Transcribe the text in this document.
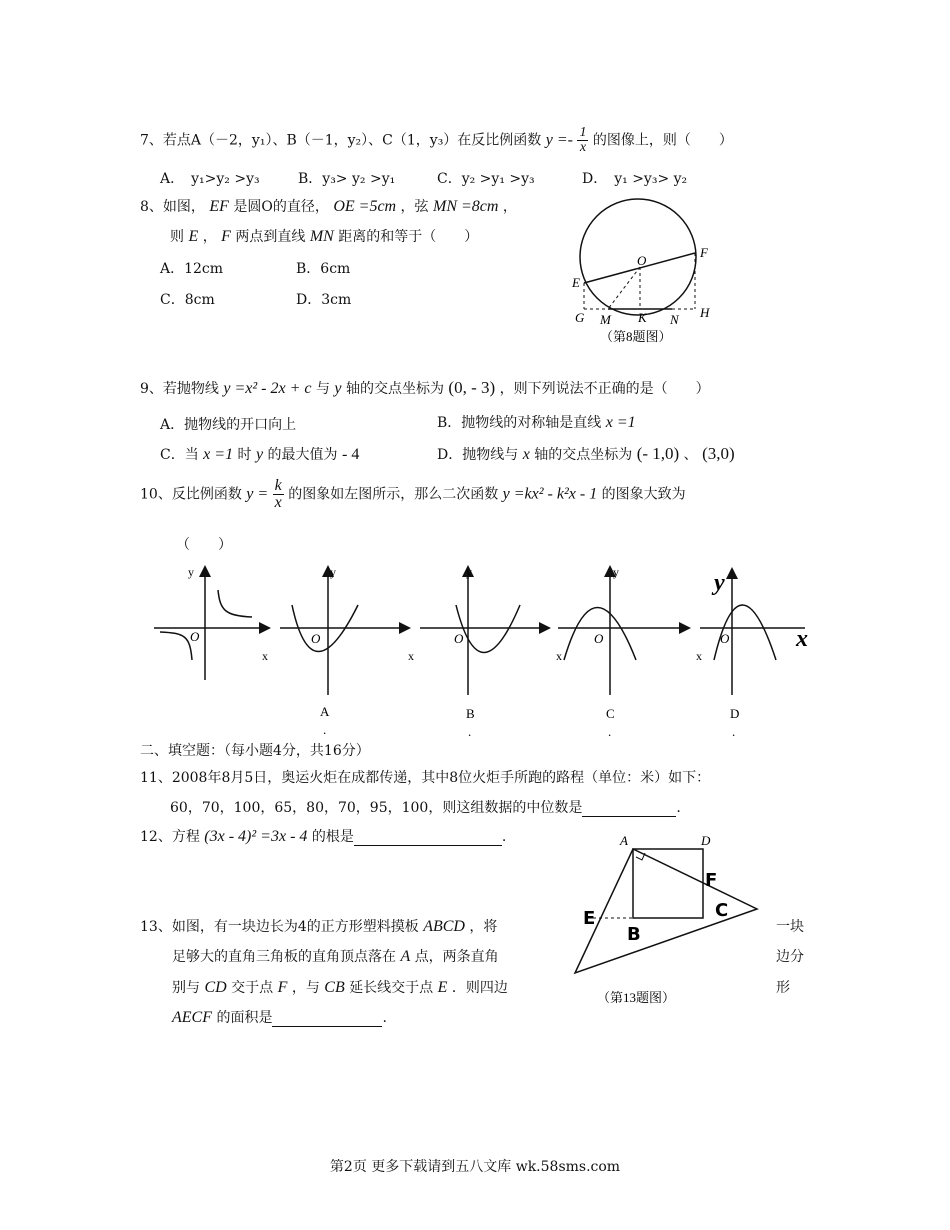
7、若点A（－2，y₁）、B（－1，y₂）、C（1，y₃）在反比例函数 $y =- \frac{1}{x}$ 的图像上，则（　　）
A．　y₁>y₂ >y₃	B．y₃> y₂ >y₁	C．y₂ >y₁ >y₃	D．　y₁ >y₃> y₂
8、如图， EF 是圆O的直径， OE =5cm ，弦 MN =8cm ，
则 E ， F 两点到直线 MN 距离的和等于（　　）
A．12cm	B．6cm
C．8cm	D．3cm
O
F
E
G M K N H
（第8题图）
9、若抛物线 y =x² - 2x + c 与 y 轴的交点坐标为 (0, - 3) ，则下列说法不正确的是（　　）
A．抛物线的开口向上	B．抛物线的对称轴是直线 x =1
C．当 x =1 时 y 的最大值为 - 4	D．抛物线与 x 轴的交点坐标为 (- 1,0) 、 (3,0)
10、反比例函数 $y = \frac{k}{x}$ 的图象如左图所示，那么二次函数 y =kx² - k²x - 1 的图象大致为
（　　）
y
O
y
x
O
A
.
y
x
O
B
.
y
x
O
C
.
y
x
x
O
D
.
二、填空题：（每小题4分，共16分）
11、2008年8月5日，奥运火炬在成都传递，其中8位火炬手所跑的路程（单位：米）如下：
60，70，100，65，80，70，95，100，则这组数据的中位数是	.
12、方程 (3x - 4)² =3x - 4 的根是	.
13、如图，有一块边长为4的正方形塑料摸板 ABCD ，将	一块
足够大的直角三角板的直角顶点落在 A 点，两条直角	边分
别与 CD 交于点 F ，与 CB 延长线交于点 E ．则四边	形
AECF 的面积是	.
A	D
F
E
B
C
（第13题图）
第2页 更多下载请到五八文库 wk.58sms.com
